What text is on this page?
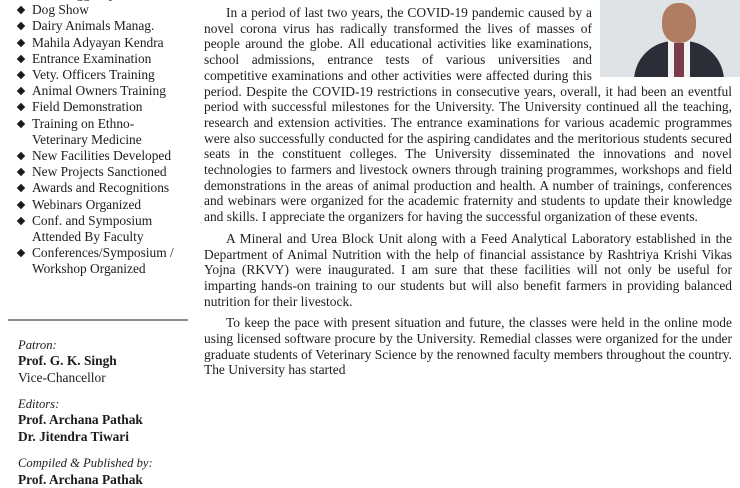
Dog Show
Dairy Animals Manag.
Mahila Adyayan Kendra
Entrance Examination
Vety. Officers Training
Animal Owners Training
Field Demonstration
Training on Ethno-Veterinary Medicine
New Facilities Developed
New Projects Sanctioned
Awards and Recognitions
Webinars Organized
Conf. and Symposium Attended By Faculty
Conferences/Symposium / Workshop Organized
Patron:
Prof. G. K. Singh
Vice-Chancellor
Editors:
Prof. Archana Pathak
Dr. Jitendra Tiwari
Compiled & Published by:
Prof. Archana Pathak

In a period of last two years, the COVID-19 pandemic caused by a novel corona virus has radically transformed the lives of masses of people around the globe. All educational activities like examinations, school admissions, entrance tests of various universities and competitive examinations and other activities were affected during this period. Despite the COVID-19 restrictions in consecutive years, overall, it had been an eventful period with successful milestones for the University. The University continued all the teaching, research and extension activities. The entrance examinations for various academic programmes were also successfully conducted for the aspiring candidates and the meritorious students secured seats in the constituent colleges. The University disseminated the innovations and novel technologies to farmers and livestock owners through training programmes, workshops and field demonstrations in the areas of animal production and health. A number of trainings, conferences and webinars were organized for the academic fraternity and students to update their knowledge and skills. I appreciate the organizers for having the successful organization of these events.

A Mineral and Urea Block Unit along with a Feed Analytical Laboratory established in the Department of Animal Nutrition with the help of financial assistance by Rashtriya Krishi Vikas Yojna (RKVY) were inaugurated. I am sure that these facilities will not only be useful for imparting hands-on training to our students but will also benefit farmers in providing balanced nutrition for their livestock.

To keep the pace with present situation and future, the classes were held in the online mode using licensed software procure by the University. Remedial classes were organized for the under graduate students of Veterinary Science by the renowned faculty members throughout the country. The University has started
